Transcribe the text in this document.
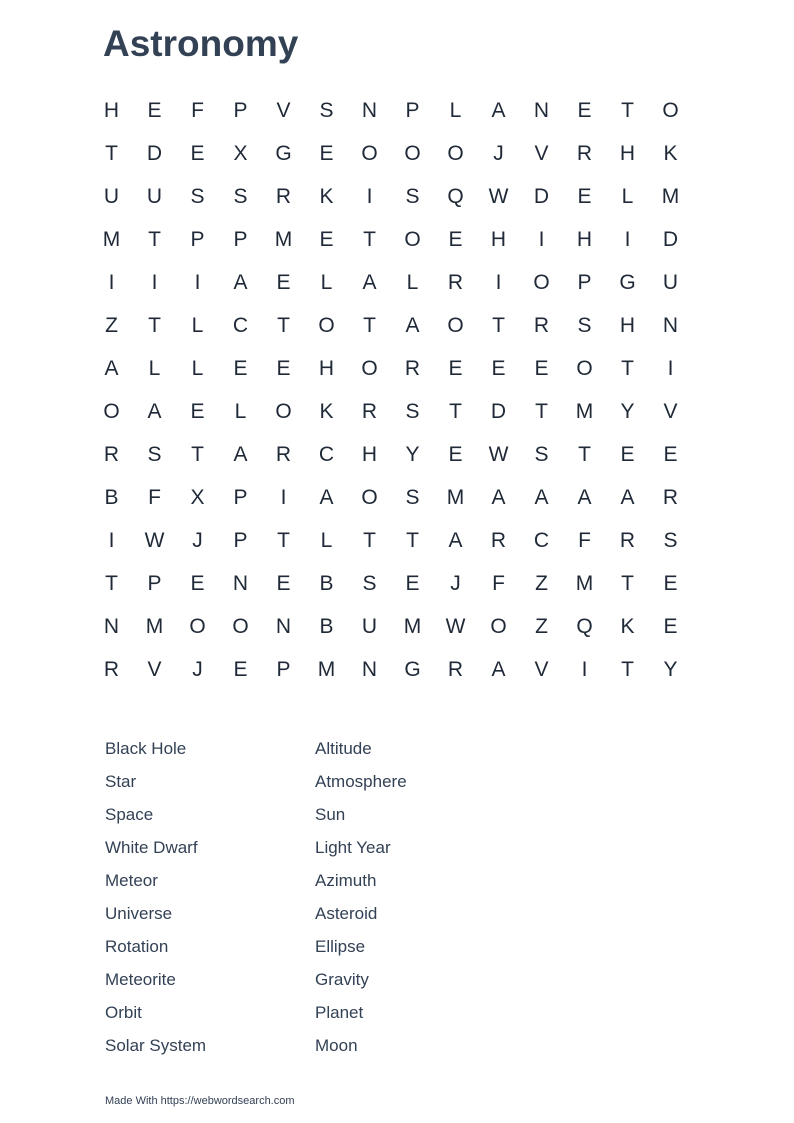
Astronomy
H	E	F	P	V	S	N	P	L	A	N	E	T	O
T	D	E	X	G	E	O	O	O	J	V	R	H	K
U	U	S	S	R	K	I	S	Q	W	D	E	L	M
M	T	P	P	M	E	T	O	E	H	I	H	I	D
I	I	I	A	E	L	A	L	R	I	O	P	G	U
Z	T	L	C	T	O	T	A	O	T	R	S	H	N
A	L	L	E	E	H	O	R	E	E	E	O	T	I
O	A	E	L	O	K	R	S	T	D	T	M	Y	V
R	S	T	A	R	C	H	Y	E	W	S	T	E	E
B	F	X	P	I	A	O	S	M	A	A	A	A	R
I	W	J	P	T	L	T	T	A	R	C	F	R	S
T	P	E	N	E	B	S	E	J	F	Z	M	T	E
N	M	O	O	N	B	U	M	W	O	Z	Q	K	E
R	V	J	E	P	M	N	G	R	A	V	I	T	Y
Black Hole
Star
Space
White Dwarf
Meteor
Universe
Rotation
Meteorite
Orbit
Solar System
Altitude
Atmosphere
Sun
Light Year
Azimuth
Asteroid
Ellipse
Gravity
Planet
Moon
Made With https://webwordsearch.com
